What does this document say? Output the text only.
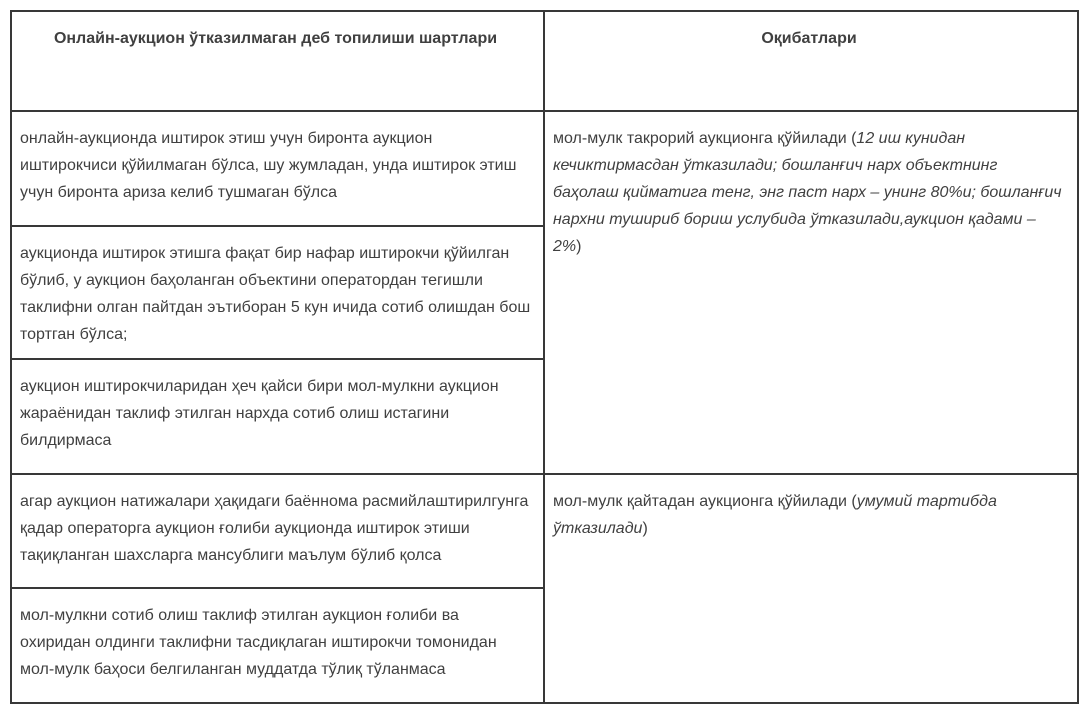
Онлайн-аукцион ўтказилмаган деб топилиши шартлари	Оқибатлари
онлайн-аукционда иштирок этиш учун биронта аукцион иштирокчиси қўйилмаган бўлса, шу жумладан, унда иштирок этиш учун биронта ариза келиб тушмаган бўлса	мол-мулк такрорий аукционга қўйилади (12 иш кунидан кечиктирмасдан ўтказилади; бошланғич нарх объектнинг баҳолаш қийматига тенг, энг паст нарх – унинг 80%и; бошланғич нархни тушириб бориш услубида ўтказилади,аукцион қадами – 2%)
аукционда иштирок этишга фақат бир нафар иштирокчи қўйилган бўлиб, у аукцион баҳоланган объектини оператордан тегишли таклифни олган пайтдан эътиборан 5 кун ичида сотиб олишдан бош тортган бўлса;	
аукцион иштирокчиларидан ҳеч қайси бири мол-мулкни аукцион жараёнидан таклиф этилган нархда сотиб олиш истагини билдирмаса	
агар аукцион натижалари ҳақидаги баённома расмийлаштирилгунга қадар операторга аукцион ғолиби аукционда иштирок этиши тақиқланган шахсларга мансублиги маълум бўлиб қолса	мол-мулк қайтадан аукционга қўйилади (умумий тартибда ўтказилади)
мол-мулкни сотиб олиш таклиф этилган аукцион ғолиби ва охиридан олдинги таклифни тасдиқлаган иштирокчи томонидан мол-мулк баҳоси белгиланган муддатда тўлиқ тўланмаса	
